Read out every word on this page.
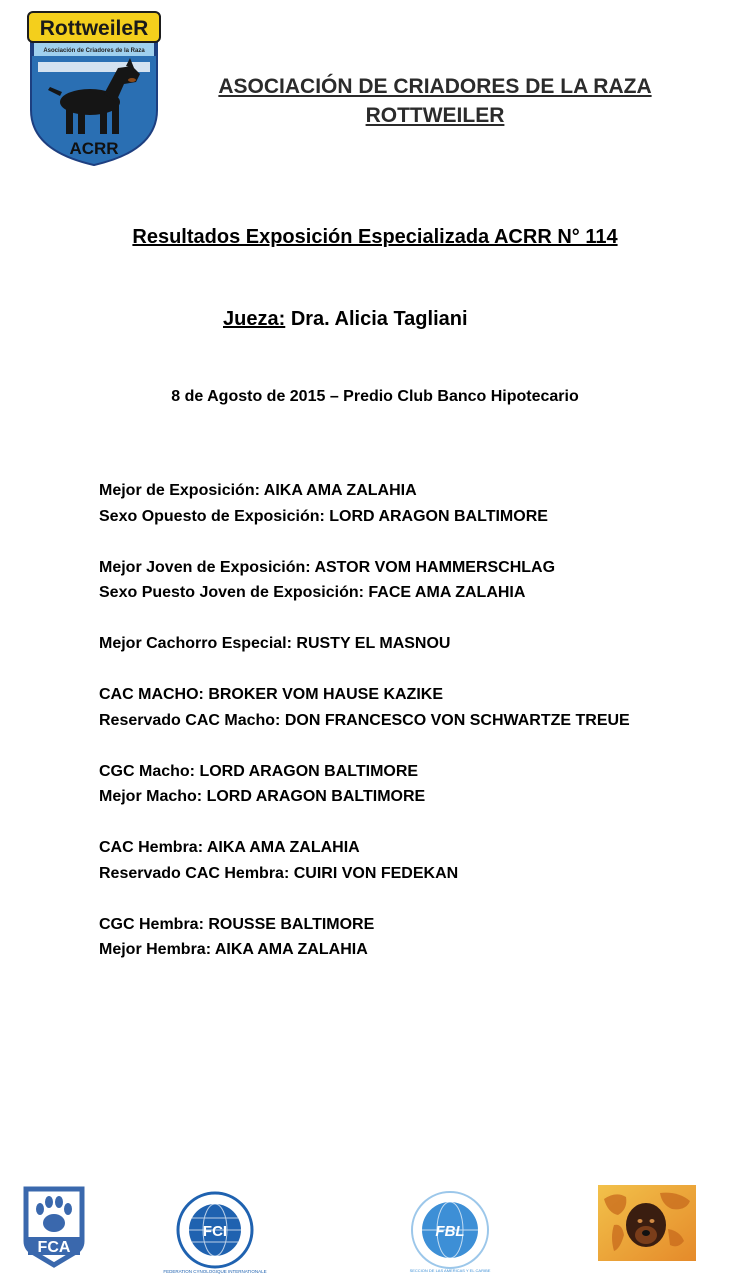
RottweileR
Asociación de Criadores de la Raza
ACRR
ASOCIACIÓN DE CRIADORES DE LA RAZA
ROTTWEILER
Resultados Exposición Especializada ACRR N° 114
Jueza: Dra. Alicia Tagliani
8 de Agosto de 2015 – Predio Club Banco Hipotecario
Mejor de Exposición: AIKA AMA ZALAHIA
Sexo Opuesto de Exposición: LORD ARAGON BALTIMORE
Mejor Joven de Exposición: ASTOR VOM HAMMERSCHLAG
Sexo Puesto Joven de Exposición: FACE AMA ZALAHIA
Mejor Cachorro Especial: RUSTY EL MASNOU
CAC MACHO: BROKER VOM HAUSE KAZIKE
Reservado CAC Macho: DON FRANCESCO VON SCHWARTZE TREUE
CGC Macho: LORD ARAGON BALTIMORE
Mejor Macho: LORD ARAGON BALTIMORE
CAC Hembra: AIKA AMA ZALAHIA
Reservado CAC Hembra: CUIRI VON FEDEKAN
CGC Hembra: ROUSSE BALTIMORE
Mejor Hembra: AIKA AMA ZALAHIA
FCA
FCI
FEDERATION CYNOLOGIQUE INTERNATIONALE
FBL
SECCION DE LAS AMERICAS Y EL CARIBE
